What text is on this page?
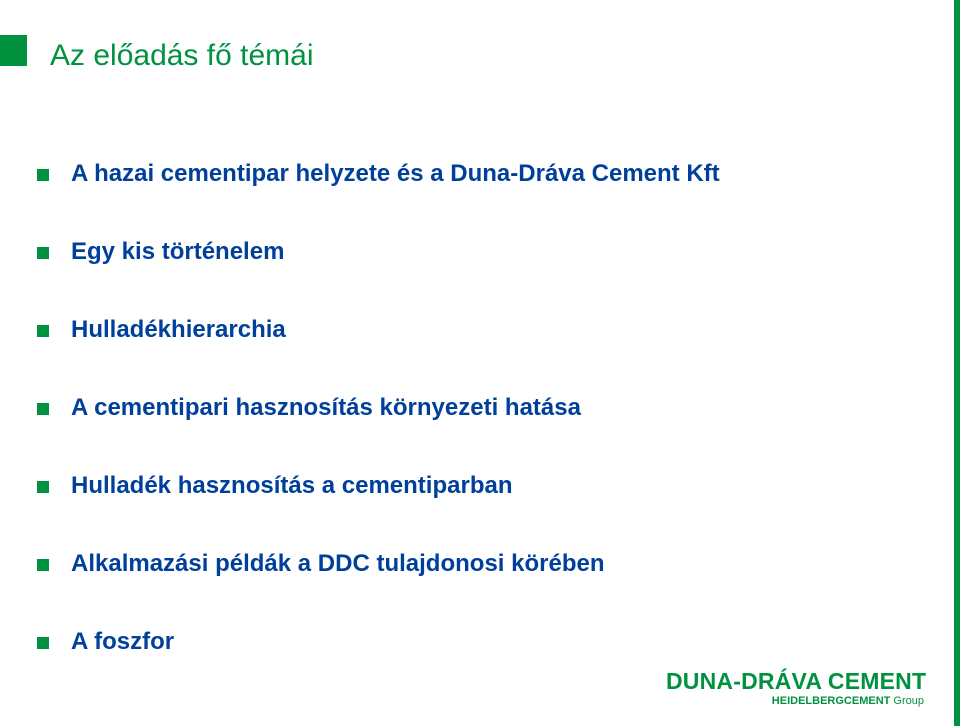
Az előadás fő témái
A hazai cementipar helyzete és a Duna-Dráva Cement Kft
Egy kis történelem
Hulladékhierarchia
A cementipari hasznosítás környezeti hatása
Hulladék hasznosítás a cementiparban
Alkalmazási példák a DDC tulajdonosi körében
A foszfor
DUNA-DRÁVA CEMENT
HEIDELBERGCEMENT Group
